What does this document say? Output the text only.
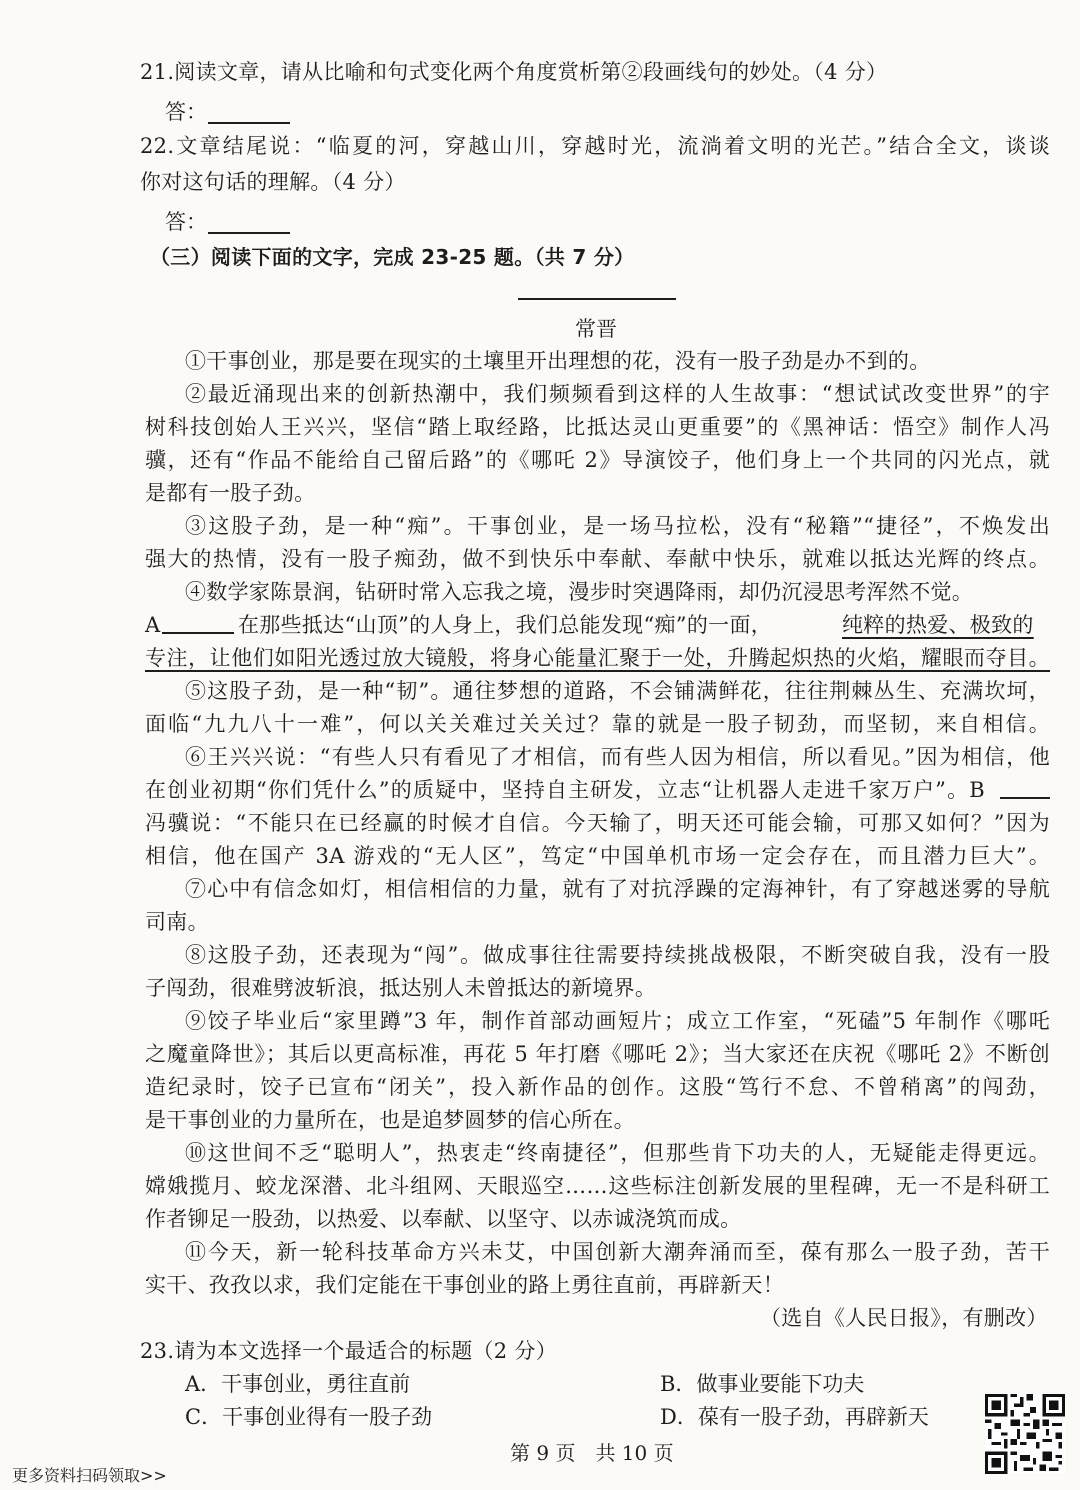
21.阅读文章，请从比喻和句式变化两个角度赏析第②段画线句的妙处。（4 分）
答：
22.文章结尾说：“临夏的河，穿越山川，穿越时光，流淌着文明的光芒。”结合全文，谈谈
你对这句话的理解。（4 分）
答：
（三）阅读下面的文字，完成 23-25 题。（共 7 分）
常晋
①干事创业，那是要在现实的土壤里开出理想的花，没有一股子劲是办不到的。
②最近涌现出来的创新热潮中，我们频频看到这样的人生故事：“想试试改变世界”的宇
树科技创始人王兴兴，坚信“踏上取经路，比抵达灵山更重要”的《黑神话：悟空》制作人冯
骥，还有“作品不能给自己留后路”的《哪吒 2》导演饺子，他们身上一个共同的闪光点，就
是都有一股子劲。
③这股子劲，是一种“痴”。干事创业，是一场马拉松，没有“秘籍”“捷径”，不焕发出
强大的热情，没有一股子痴劲，做不到快乐中奉献、奉献中快乐，就难以抵达光辉的终点。
④数学家陈景润，钻研时常入忘我之境，漫步时突遇降雨，却仍沉浸思考浑然不觉。
A	在那些抵达“山顶”的人身上，我们总能发现“痴”的一面，	纯粹的热爱、极致的
专注，让他们如阳光透过放大镜般，将身心能量汇聚于一处，升腾起炽热的火焰，耀眼而夺目。
⑤这股子劲，是一种“韧”。通往梦想的道路，不会铺满鲜花，往往荆棘丛生、充满坎坷，
面临“九九八十一难”，何以关关难过关关过？靠的就是一股子韧劲，而坚韧，来自相信。
⑥王兴兴说：“有些人只有看见了才相信，而有些人因为相信，所以看见。”因为相信，他
在创业初期“你们凭什么”的质疑中，坚持自主研发，立志“让机器人走进千家万户”。B
冯骥说：“不能只在已经赢的时候才自信。今天输了，明天还可能会输，可那又如何？”因为
相信，他在国产 3A 游戏的“无人区”，笃定“中国单机市场一定会存在，而且潜力巨大”。
⑦心中有信念如灯，相信相信的力量，就有了对抗浮躁的定海神针，有了穿越迷雾的导航
司南。
⑧这股子劲，还表现为“闯”。做成事往往需要持续挑战极限，不断突破自我，没有一股
子闯劲，很难劈波斩浪，抵达别人未曾抵达的新境界。
⑨饺子毕业后“家里蹲”3 年，制作首部动画短片；成立工作室，“死磕”5 年制作《哪吒
之魔童降世》；其后以更高标准，再花 5 年打磨《哪吒 2》；当大家还在庆祝《哪吒 2》不断创
造纪录时，饺子已宣布“闭关”，投入新作品的创作。这股“笃行不怠、不曾稍离”的闯劲，
是干事创业的力量所在，也是追梦圆梦的信心所在。
⑩这世间不乏“聪明人”，热衷走“终南捷径”，但那些肯下功夫的人，无疑能走得更远。
嫦娥揽月、蛟龙深潜、北斗组网、天眼巡空……这些标注创新发展的里程碑，无一不是科研工
作者铆足一股劲，以热爱、以奉献、以坚守、以赤诚浇筑而成。
⑪今天，新一轮科技革命方兴未艾，中国创新大潮奔涌而至，葆有那么一股子劲，苦干
实干、孜孜以求，我们定能在干事创业的路上勇往直前，再辟新天！
（选自《人民日报》，有删改）
23.请为本文选择一个最适合的标题（2 分）
A．干事创业，勇往直前	B．做事业要能下功夫
C．干事创业得有一股子劲	D．葆有一股子劲，再辟新天
第 9 页　共 10 页
更多资料扫码领取>>
